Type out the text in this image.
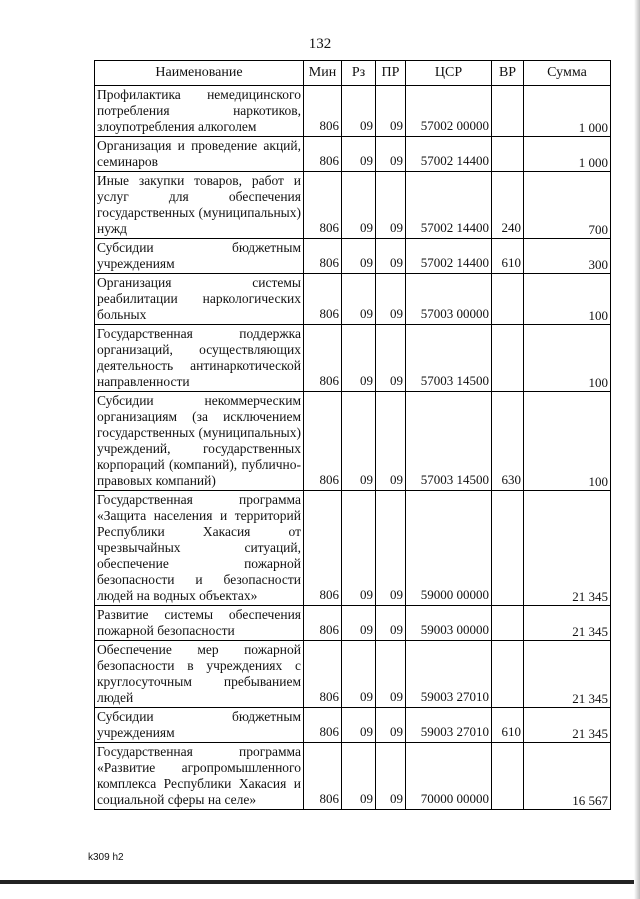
132
Наименование	Мин	Рз	ПР	ЦСР	ВР	Сумма
Профилактика немедицинского потребления наркотиков, злоупотребления алкоголем	806	09	09	57002 00000		1 000
Организация и проведение акций, семинаров	806	09	09	57002 14400		1 000
Иные закупки товаров, работ и услуг для обеспечения государственных (муниципальных) нужд	806	09	09	57002 14400	240	700
Субсидии бюджетным учреждениям	806	09	09	57002 14400	610	300
Организация системы реабилитации наркологических больных	806	09	09	57003 00000		100
Государственная поддержка организаций, осуществляющих деятельность антинаркотической направленности	806	09	09	57003 14500		100
Субсидии некоммерческим организациям (за исключением государственных (муниципальных) учреждений, государственных корпораций (компаний), публично-правовых компаний)	806	09	09	57003 14500	630	100
Государственная программа «Защита населения и территорий Республики Хакасия от чрезвычайных ситуаций, обеспечение пожарной безопасности и безопасности людей на водных объектах»	806	09	09	59000 00000		21 345
Развитие системы обеспечения пожарной безопасности	806	09	09	59003 00000		21 345
Обеспечение мер пожарной безопасности в учреждениях с круглосуточным пребыванием людей	806	09	09	59003 27010		21 345
Субсидии бюджетным учреждениям	806	09	09	59003 27010	610	21 345
Государственная программа «Развитие агропромышленного комплекса Республики Хакасия и социальной сферы на селе»	806	09	09	70000 00000		16 567
k309 h2
